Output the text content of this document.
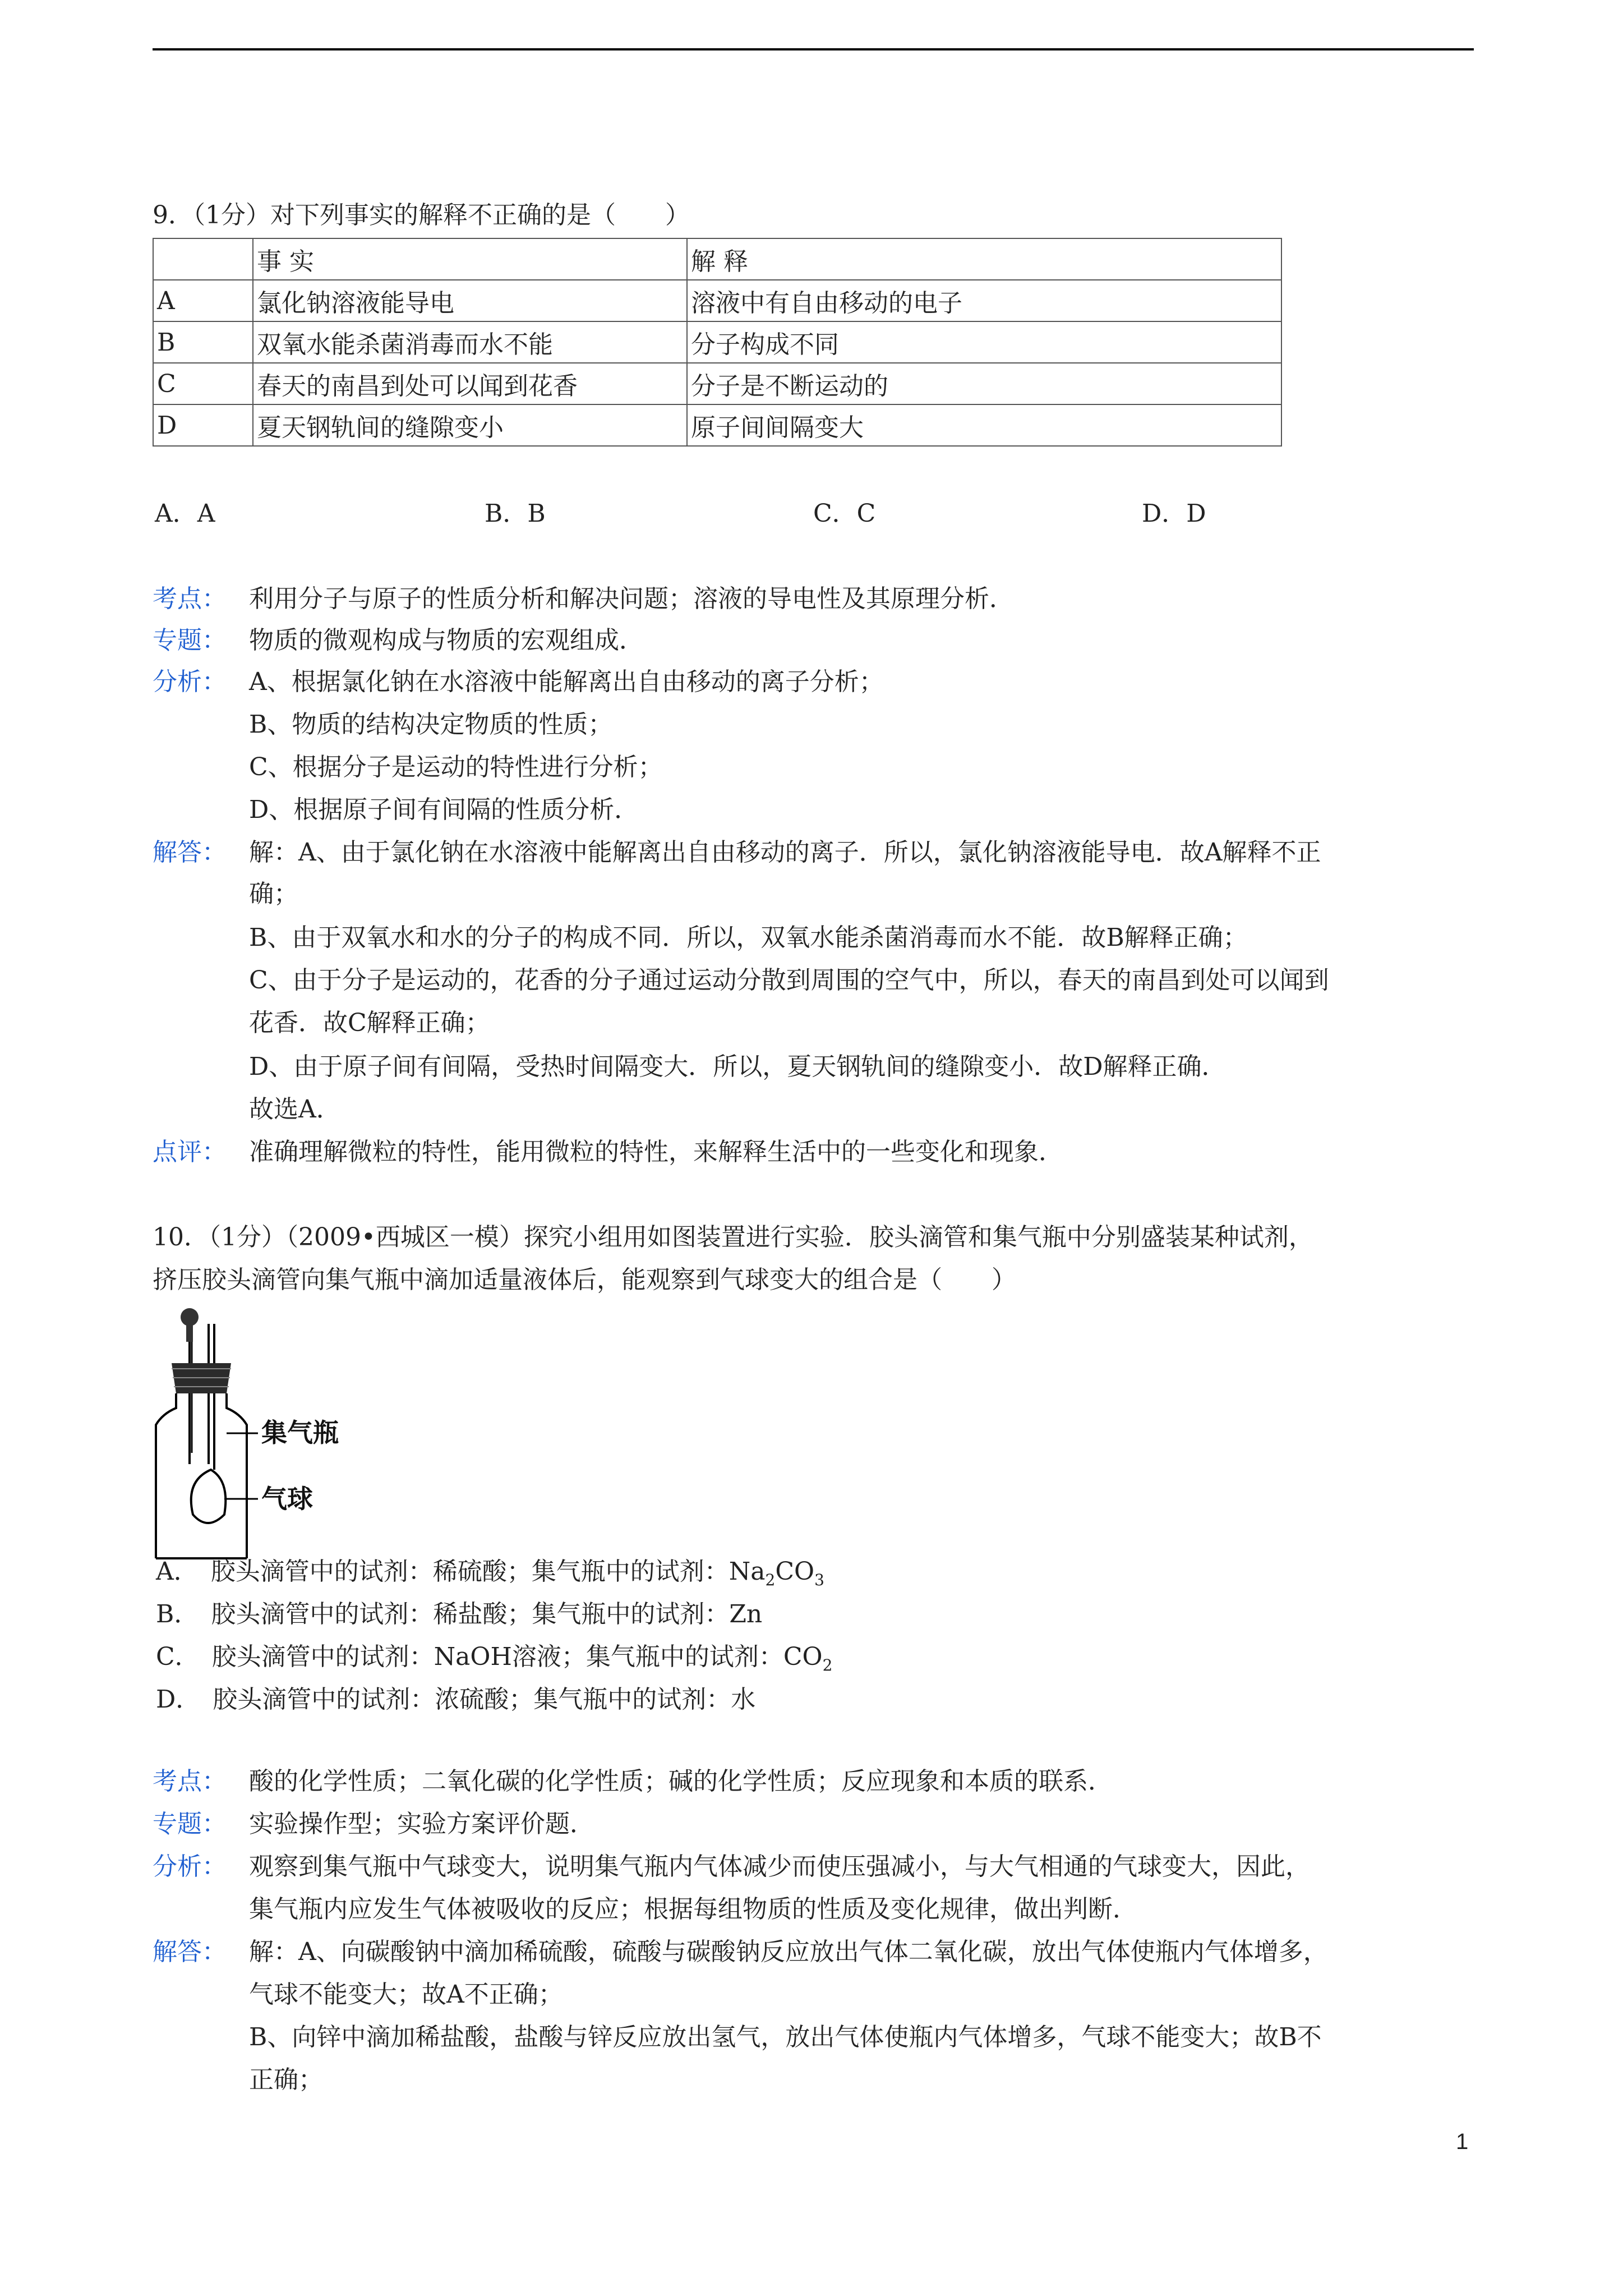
9．（1分）对下列事实的解释不正确的是（　　）
	事 实	解 释
A	氯化钠溶液能导电	溶液中有自由移动的电子
B	双氧水能杀菌消毒而水不能	分子构成不同
C	春天的南昌到处可以闻到花香	分子是不断运动的
D	夏天钢轨间的缝隙变小	原子间间隔变大
A．A	B．B	C．C	D．D
考点： 利用分子与原子的性质分析和解决问题；溶液的导电性及其原理分析．
专题： 物质的微观构成与物质的宏观组成．
分析： A、根据氯化钠在水溶液中能解离出自由移动的离子分析；
B、物质的结构决定物质的性质；
C、根据分子是运动的特性进行分析；
D、根据原子间有间隔的性质分析．
解答： 解：A、由于氯化钠在水溶液中能解离出自由移动的离子．所以，氯化钠溶液能导电．故A解释不正
确；
B、由于双氧水和水的分子的构成不同．所以，双氧水能杀菌消毒而水不能．故B解释正确；
C、由于分子是运动的，花香的分子通过运动分散到周围的空气中，所以，春天的南昌到处可以闻到
花香．故C解释正确；
D、由于原子间有间隔，受热时间隔变大．所以，夏天钢轨间的缝隙变小．故D解释正确．
故选A．
点评： 准确理解微粒的特性，能用微粒的特性，来解释生活中的一些变化和现象．
10．（1分）（2009•西城区一模）探究小组用如图装置进行实验．胶头滴管和集气瓶中分别盛装某种试剂，
挤压胶头滴管向集气瓶中滴加适量液体后，能观察到气球变大的组合是（　　）
集气瓶
气球
A．　胶头滴管中的试剂：稀硫酸；集气瓶中的试剂：$Na_2CO_3$
B．　胶头滴管中的试剂：稀盐酸；集气瓶中的试剂：Zn
C．　胶头滴管中的试剂：NaOH溶液；集气瓶中的试剂：$CO_2$
D．　胶头滴管中的试剂：浓硫酸；集气瓶中的试剂：水
考点： 酸的化学性质；二氧化碳的化学性质；碱的化学性质；反应现象和本质的联系．
专题： 实验操作型；实验方案评价题．
分析： 观察到集气瓶中气球变大，说明集气瓶内气体减少而使压强减小，与大气相通的气球变大，因此，
集气瓶内应发生气体被吸收的反应；根据每组物质的性质及变化规律，做出判断．
解答： 解：A、向碳酸钠中滴加稀硫酸，硫酸与碳酸钠反应放出气体二氧化碳，放出气体使瓶内气体增多，
气球不能变大；故A不正确；
B、向锌中滴加稀盐酸，盐酸与锌反应放出氢气，放出气体使瓶内气体增多，气球不能变大；故B不
正确；
1
